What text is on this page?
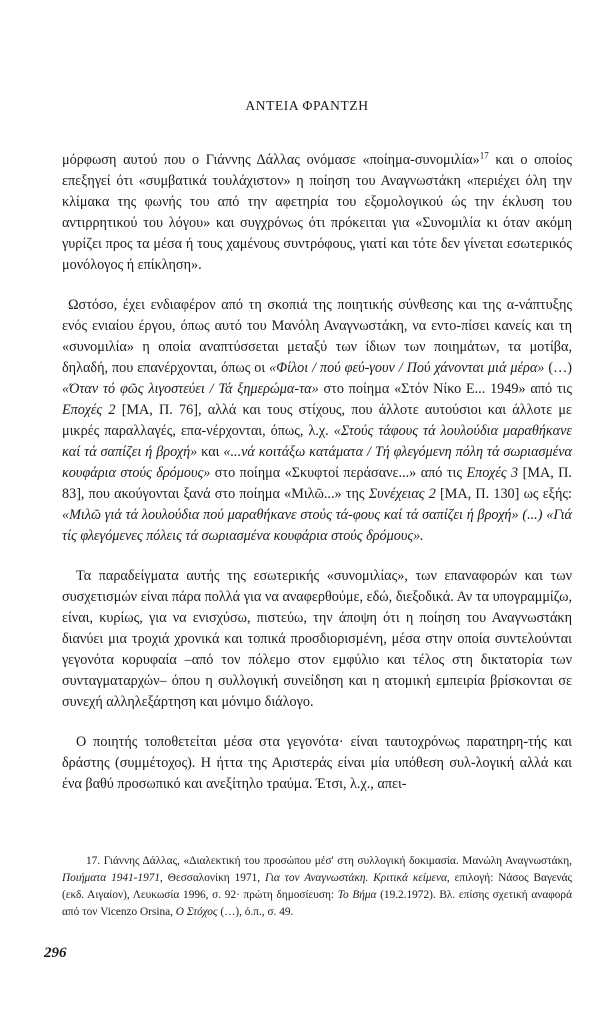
ΑΝΤΕΙΑ ΦΡΑΝΤΖΗ

μόρφωση αυτού που ο Γιάννης Δάλλας ονόμασε «ποίημα-συνομιλία»$^{17}$ και ο οποίος επεξηγεί ότι «συμβατικά τουλάχιστον» η ποίηση του Αναγνωστάκη «περιέχει όλη την κλίμακα της φωνής του από την αφετηρία του εξομολογικού ώς την έκλυση του αντιρρητικού του λόγου» και συγχρόνως ότι πρόκειται για «Συνομιλία κι όταν ακόμη γυρίζει προς τα μέσα ή τους χαμένους συντρόφους, γιατί και τότε δεν γίνεται εσωτερικός μονόλογος ή επίκληση».

Ωστόσο, έχει ενδιαφέρον από τη σκοπιά της ποιητικής σύνθεσης και της α-νάπτυξης ενός ενιαίου έργου, όπως αυτό του Μανόλη Αναγνωστάκη, να εντο-πίσει κανείς και τη «συνομιλία» η οποία αναπτύσσεται μεταξύ των ίδιων των ποιημάτων, τα μοτίβα, δηλαδή, που επανέρχονται, όπως οι «Φίλοι / πού φεύ-γουν / Πού χάνονται μιά μέρα» (…) «Όταν τό φῶς λιγοστεύει / Τά ξημερώμα-τα» στο ποίημα «Στόν Νίκο Ε... 1949» από τις Εποχές 2 [ΜΑ, Π. 76], αλλά και τους στίχους, που άλλοτε αυτούσιοι και άλλοτε με μικρές παραλλαγές, επα-νέρχονται, όπως, λ.χ. «Στούς τάφους τά λουλούδια μαραθήκανε καί τά σαπίζει ή βροχή» και «...νά κοιτάξω κατάματα / Τή φλεγόμενη πόλη τά σωριασμένα κουφάρια στούς δρόμους» στο ποίημα «Σκυφτοί περάσανε...» από τις Εποχές 3 [ΜΑ, Π. 83], που ακούγονται ξανά στο ποίημα «Μιλῶ...» της Συνέχειας 2 [ΜΑ, Π. 130] ως εξής: «Μιλῶ γιά τά λουλούδια πού μαραθήκανε στούς τά-φους καί τά σαπίζει ή βροχή» (...) «Γιά τίς φλεγόμενες πόλεις τά σωριασμένα κουφάρια στούς δρόμους».

Τα παραδείγματα αυτής της εσωτερικής «συνομιλίας», των επαναφορών και των συσχετισμών είναι πάρα πολλά για να αναφερθούμε, εδώ, διεξοδικά. Αν τα υπογραμμίζω, είναι, κυρίως, για να ενισχύσω, πιστεύω, την άποψη ότι η ποίηση του Αναγνωστάκη διανύει μια τροχιά χρονικά και τοπικά προσδιορισμένη, μέσα στην οποία συντελούνται γεγονότα κορυφαία –από τον πόλεμο στον εμφύλιο και τέλος στη δικτατορία των συνταγματαρχών– όπου η συλλογική συνείδηση και η ατομική εμπειρία βρίσκονται σε συνεχή αλληλεξάρτηση και μόνιμο διάλογο.

Ο ποιητής τοποθετείται μέσα στα γεγονότα· είναι ταυτοχρόνως παρατηρη-τής και δράστης (συμμέτοχος). Η ήττα της Αριστεράς είναι μία υπόθεση συλ-λογική αλλά και ένα βαθύ προσωπικό και ανεξίτηλο τραύμα. Έτσι, λ.χ., απει-

17. Γιάννης Δάλλας, «Διαλεκτική του προσώπου μέσ' στη συλλογική δοκιμασία. Μανώλη Αναγνωστάκη, Ποιήματα 1941-1971, Θεσσαλονίκη 1971, Για τον Αναγνωστάκη. Κριτικά κείμενα, επιλογή: Νάσος Βαγενάς (εκδ. Αιγαίον), Λευκωσία 1996, σ. 92· πρώτη δημοσίευση: Το Βήμα (19.2.1972). Βλ. επίσης σχετική αναφορά από τον Vicenzo Orsina, Ο Στόχος (…), ό.π., σ. 49.

296
